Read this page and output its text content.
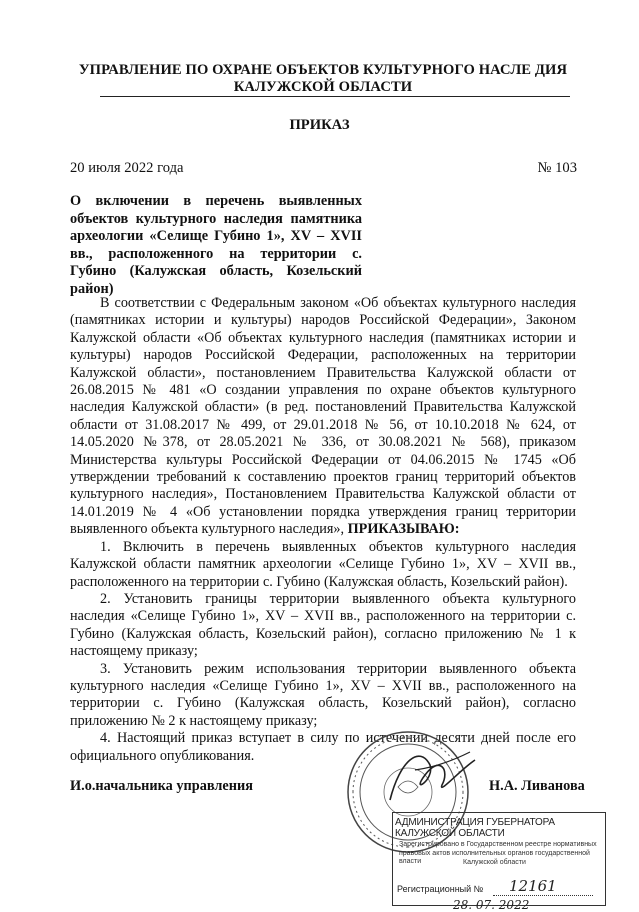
УПРАВЛЕНИЕ ПО ОХРАНЕ ОБЪЕКТОВ КУЛЬТУРНОГО НАСЛЕ ДИЯ
КАЛУЖСКОЙ ОБЛАСТИ
ПРИКАЗ
20 июля 2022 года	№ 103
О включении в перечень выявленных объектов культурного наследия памятника археологии «Селище Губино 1», XV – XVII вв., расположенного на территории с. Губино (Калужская область, Козельский район)

В соответствии с Федеральным законом «Об объектах культурного наследия (памятниках истории и культуры) народов Российской Федерации», Законом Калужской области «Об объектах культурного наследия (памятниках истории и культуры) народов Российской Федерации, расположенных на территории Калужской области», постановлением Правительства Калужской области от 26.08.2015 № 481 «О создании управления по охране объектов культурного наследия Калужской области» (в ред. постановлений Правительства Калужской области от 31.08.2017 № 499, от 29.01.2018 № 56, от 10.10.2018 № 624, от 14.05.2020 №378, от 28.05.2021 № 336, от 30.08.2021 № 568), приказом Министерства культуры Российской Федерации от 04.06.2015 № 1745 «Об утверждении требований к составлению проектов границ территорий объектов культурного наследия», Постановлением Правительства Калужской области от 14.01.2019 № 4 «Об установлении порядка утверждения границ территории выявленного объекта культурного наследия», ПРИКАЗЫВАЮ:

1. Включить в перечень выявленных объектов культурного наследия Калужской области памятник археологии «Селище Губино 1», XV – XVII вв., расположенного на территории с. Губино (Калужская область, Козельский район).

2. Установить границы территории выявленного объекта культурного наследия «Селище Губино 1», XV – XVII вв., расположенного на территории с. Губино (Калужская область, Козельский район), согласно приложению № 1 к настоящему приказу;

3. Установить режим использования территории выявленного объекта культурного наследия «Селище Губино 1», XV – XVII вв., расположенного на территории с. Губино (Калужская область, Козельский район), согласно приложению № 2 к настоящему приказу;

4. Настоящий приказ вступает в силу по истечении десяти дней после его официального опубликования.

И.о.начальника управления	Н.А. Ливанова
АДМИНИСТРАЦИЯ ГУБЕРНАТОРА КАЛУЖСКОЙ ОБЛАСТИ
Зарегистрировано в Государственном реестре нормативных
правовых актов исполнительных органов государственной власти	Калужской области
Регистрационный № 12161
28. 07. 2022
